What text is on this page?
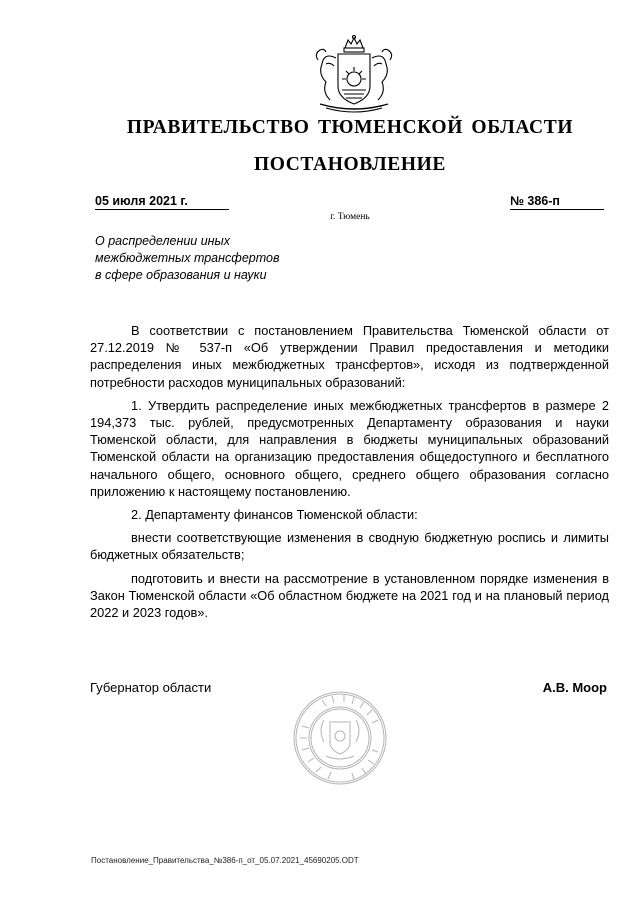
ПРАВИТЕЛЬСТВО ТЮМЕНСКОЙ ОБЛАСТИ
ПОСТАНОВЛЕНИЕ
05 июля 2021 г.	№ 386-п
г. Тюмень
О распределении иных
межбюджетных трансфертов
в сфере образования и науки

В соответствии с постановлением Правительства Тюменской области от 27.12.2019 № 537-п «Об утверждении Правил предоставления и методики распределения иных межбюджетных трансфертов», исходя из подтвержденной потребности расходов муниципальных образований:

1. Утвердить распределение иных межбюджетных трансфертов в размере 2 194,373 тыс. рублей, предусмотренных Департаменту образования и науки Тюменской области, для направления в бюджеты муниципальных образований Тюменской области на организацию предоставления общедоступного и бесплатного начального общего, основного общего, среднего общего образования согласно приложению к настоящему постановлению.

2. Департаменту финансов Тюменской области:

внести соответствующие изменения в сводную бюджетную роспись и лимиты бюджетных обязательств;

подготовить и внести на рассмотрение в установленном порядке изменения в Закон Тюменской области «Об областном бюджете на 2021 год и на плановый период 2022 и 2023 годов».

Губернатор области	А.В. Моор
Постановление_Правительства_№386-п_от_05.07.2021_45690205.ODT
